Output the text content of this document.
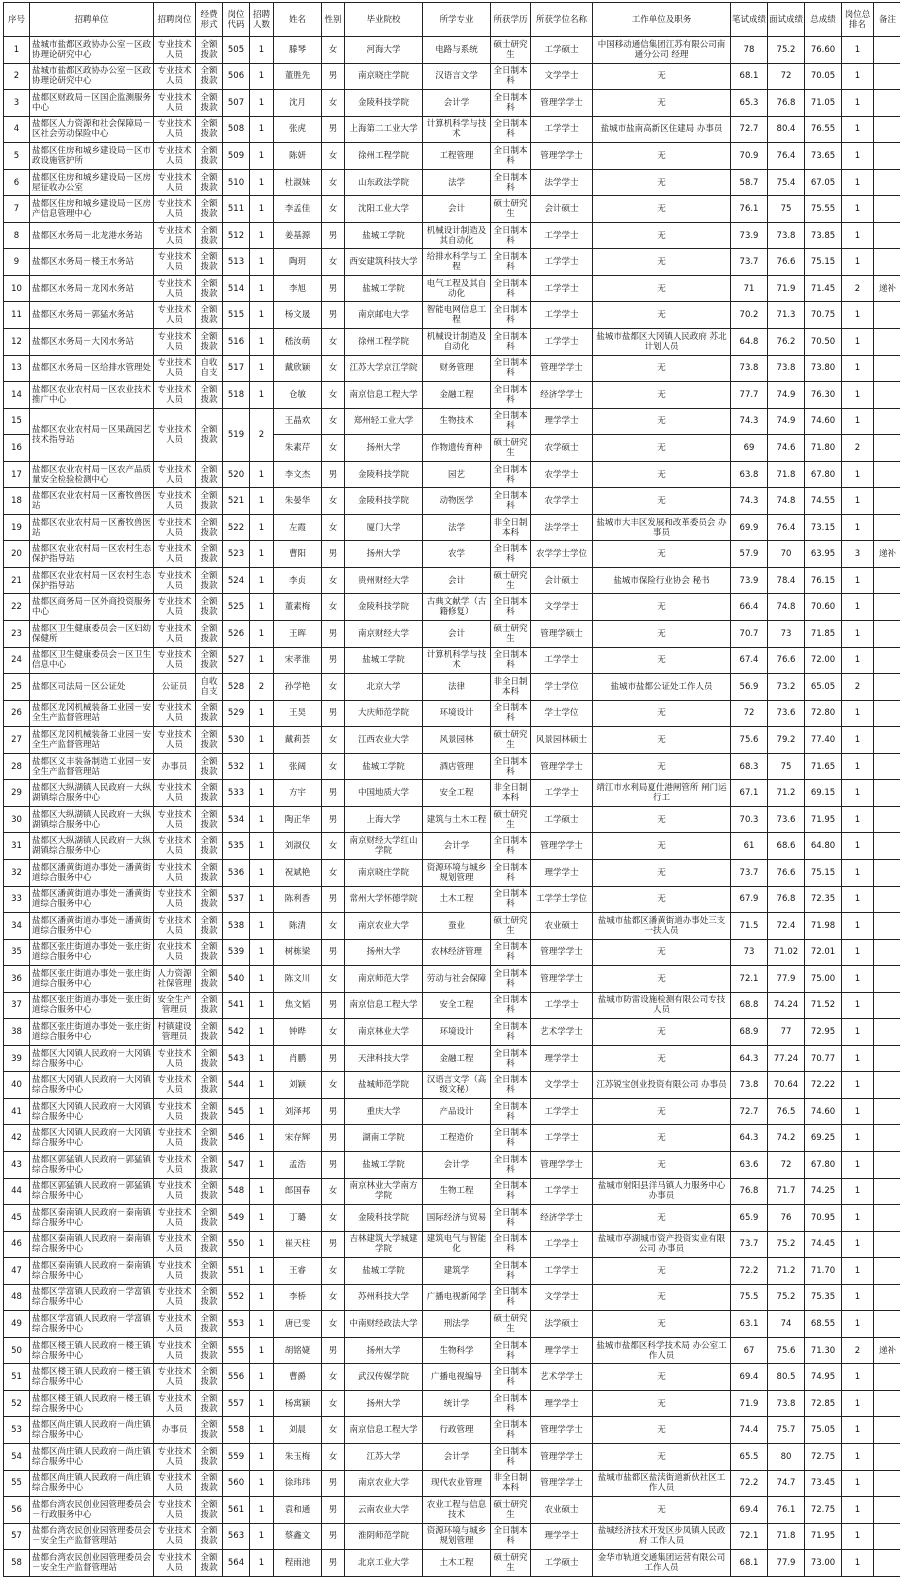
序号	招聘单位	招聘岗位	经费形式	岗位代码	招聘人数	姓名	性别	毕业院校	所学专业	所获学历	所获学位名称	工作单位及职务	笔试成绩	面试成绩	总成绩	岗位总排名	备注
1	盐城市盐都区政协办公室－区政协理论研究中心	专业技术人员	全额拨款	505	1	滕琴	女	河海大学	电路与系统	硕士研究生	工学硕士	中国移动通信集团江苏有限公司南通分公司 经理	78	75.2	76.60	1	
2	盐城市盐都区政协办公室－区政协理论研究中心	专业技术人员	全额拨款	506	1	董胜先	男	南京晓庄学院	汉语言文学	全日制本科	文学学士	无	68.1	72	70.05	1	
3	盐都区财政局－区国企监测服务中心	专业技术人员	全额拨款	507	1	沈月	女	金陵科技学院	会计学	全日制本科	管理学学士	无	65.3	76.8	71.05	1	
4	盐都区人力资源和社会保障局－区社会劳动保险中心	专业技术人员	全额拨款	508	1	张虎	男	上海第二工业大学	计算机科学与技术	全日制本科	工学学士	盐城市盐南高新区住建局 办事员	72.7	80.4	76.55	1	
5	盐都区住房和城乡建设局－区市政设施管护所	专业技术人员	全额拨款	509	1	陈妍	女	徐州工程学院	工程管理	全日制本科	管理学学士	无	70.9	76.4	73.65	1	
6	盐都区住房和城乡建设局－区房屋征收办公室	专业技术人员	全额拨款	510	1	杜淑妹	女	山东政法学院	法学	全日制本科	法学学士	无	58.7	75.4	67.05	1	
7	盐都区住房和城乡建设局－区房产信息管理中心	专业技术人员	全额拨款	511	1	李孟佳	女	沈阳工业大学	会计	硕士研究生	会计硕士	无	76.1	75	75.55	1	
8	盐都区水务局－北龙港水务站	专业技术人员	全额拨款	512	1	姜基源	男	盐城工学院	机械设计制造及其自动化	全日制本科	工学学士	无	73.9	73.8	73.85	1	
9	盐都区水务局－楼王水务站	专业技术人员	全额拨款	513	1	陶玥	女	西安建筑科技大学	给排水科学与工程	全日制本科	工学学士	无	73.7	76.6	75.15	1	
10	盐都区水务局－龙冈水务站	专业技术人员	全额拨款	514	1	李旭	男	盐城工学院	电气工程及其自动化	全日制本科	工学学士	无	71	71.9	71.45	2	递补
11	盐都区水务局－郭猛水务站	专业技术人员	全额拨款	515	1	杨文晟	男	南京邮电大学	智能电网信息工程	全日制本科	工学学士	无	70.2	71.3	70.75	1	
12	盐都区水务局－大冈水务站	专业技术人员	全额拨款	516	1	嵇汝萌	女	徐州工程学院	机械设计制造及自动化	全日制本科	工学学士	盐城市盐都区大冈镇人民政府 苏北计划人员	64.8	76.2	70.50	1	
13	盐都区水务局－区给排水管理处	专业技术人员	自收自支	517	1	戴欣颖	女	江苏大学京江学院	财务管理	全日制本科	管理学学士	无	73.8	73.8	73.80	1	
14	盐都区农业农村局－区农业技术推广中心	专业技术人员	全额拨款	518	1	仓敏	女	南京信息工程大学	金融工程	全日制本科	经济学学士	无	77.7	74.9	76.30	1	
15	盐都区农业农村局－区果蔬园艺技术指导站	专业技术人员	全额拨款	519	2	王晶欢	女	郑州轻工业大学	生物技术	全日制本科	理学学士	无	74.3	74.9	74.60	1	
16						朱素芹	女	扬州大学	作物遗传育种	硕士研究生	农学硕士	无	69	74.6	71.80	2	
17	盐都区农业农村局－区农产品质量安全检验检测中心	专业技术人员	全额拨款	520	1	李文杰	男	金陵科技学院	园艺	全日制本科	农学学士	无	63.8	71.8	67.80	1	
18	盐都区农业农村局－区畜牧兽医站	专业技术人员	全额拨款	521	1	朱晏华	女	金陵科技学院	动物医学	全日制本科	农学学士	无	74.3	74.8	74.55	1	
19	盐都区农业农村局－区畜牧兽医站	专业技术人员	全额拨款	522	1	左霞	女	厦门大学	法学	非全日制本科	法学学士	盐城市大丰区发展和改革委员会 办事员	69.9	76.4	73.15	1	
20	盐都区农业农村局－区农村生态保护指导站	专业技术人员	全额拨款	523	1	曹阳	男	扬州大学	农学	全日制本科	农学学士学位	无	57.9	70	63.95	3	递补
21	盐都区农业农村局－区农村生态保护指导站	专业技术人员	全额拨款	524	1	李贞	女	贵州财经大学	会计	硕士研究生	会计硕士	盐城市保险行业协会 秘书	73.9	78.4	76.15	1	
22	盐都区商务局－区外商投资服务中心	专业技术人员	全额拨款	525	1	董素梅	女	金陵科技学院	古典文献学（古籍修复）	全日制本科	文学学士	无	66.4	74.8	70.60	1	
23	盐都区卫生健康委员会－区妇幼保健所	专业技术人员	全额拨款	526	1	王晖	男	南京财经大学	会计	硕士研究生	管理学硕士	无	70.7	73	71.85	1	
24	盐都区卫生健康委员会－区卫生信息中心	专业技术人员	全额拨款	527	1	宋孝淮	男	盐城工学院	计算机科学与技术	全日制本科	工学学士	无	67.4	76.6	72.00	1	
25	盐都区司法局－区公证处	公证员	自收自支	528	2	孙学艳	女	北京大学	法律	非全日制本科	学士学位	盐城市盐都公证处工作人员	56.9	73.2	65.05	2	
26	盐都区龙冈机械装备工业园－安全生产监督管理站	专业技术人员	全额拨款	529	1	王昊	男	大庆师范学院	环境设计	全日制本科	学士学位	无	72	73.6	72.80	1	
27	盐都区龙冈机械装备工业园－安全生产监督管理站	专业技术人员	全额拨款	530	1	戴莉荟	女	江西农业大学	风景园林	硕士研究生	风景园林硕士	无	75.6	79.2	77.40	1	
28	盐都区义丰装备制造工业园－安全生产监督管理站	办事员	全额拨款	532	1	张阔	女	盐城工学院	酒店管理	全日制本科	管理学学士	无	68.3	75	71.65	1	
29	盐都区大纵湖镇人民政府－大纵湖镇综合服务中心	专业技术人员	全额拨款	533	1	方宇	男	中国地质大学	安全工程	非全日制本科	工学学士	靖江市水利局夏仕港闸管所 闸门运行工	67.1	71.2	69.15	1	
30	盐都区大纵湖镇人民政府－大纵湖镇综合服务中心	专业技术人员	全额拨款	534	1	陶正华	男	上海大学	建筑与土木工程	硕士研究生	工学硕士	无	70.3	73.6	71.95	1	
31	盐都区大纵湖镇人民政府－大纵湖镇综合服务中心	专业技术人员	全额拨款	535	1	刘淑仪	女	南京财经大学红山学院	会计学	全日制本科	管理学学士	无	61	68.6	64.80	1	
32	盐都区潘黄街道办事处－潘黄街道综合服务中心	专业技术人员	全额拨款	536	1	祝斌艳	女	南京晓庄学院	资源环境与城乡规划管理	全日制本科	理学学士	无	73.7	76.6	75.15	1	
33	盐都区潘黄街道办事处－潘黄街道综合服务中心	专业技术人员	全额拨款	537	1	陈利香	男	常州大学怀德学院	土木工程	全日制本科	工学学士学位	无	67.9	76.8	72.35	1	
34	盐都区潘黄街道办事处－潘黄街道综合服务中心	专业技术人员	全额拨款	538	1	陈清	女	南京农业大学	蚕业	硕士研究生	农业硕士	盐城市盐都区潘黄街道办事处三支一扶人员	71.5	72.4	71.98	1	
35	盐都区张庄街道办事处－张庄街道综合服务中心	农业技术人员	全额拨款	539	1	树栋梁	男	扬州大学	农林经济管理	全日制本科	管理学学士	无	73	71.02	72.01	1	
36	盐都区张庄街道办事处－张庄街道综合服务中心	人力资源社保管理	全额拨款	540	1	陈文川	女	南京师范大学	劳动与社会保障	全日制本科	管理学学士	无	72.1	77.9	75.00	1	
37	盐都区张庄街道办事处－张庄街道综合服务中心	安全生产管理员	全额拨款	541	1	焦文韬	男	南京信息工程大学	安全工程	全日制本科	工学学士	盐城市防雷设施检测有限公司专技人员	68.8	74.24	71.52	1	
38	盐都区张庄街道办事处－张庄街道综合服务中心	村镇建设管理员	全额拨款	542	1	钟晔	女	南京林业大学	环境设计	全日制本科	艺术学学士	无	68.9	77	72.95	1	
39	盐都区大冈镇人民政府－大冈镇综合服务中心	专业技术人员	全额拨款	543	1	肖鹏	男	天津科技大学	金融工程	全日制本科	理学学士	无	64.3	77.24	70.77	1	
40	盐都区大冈镇人民政府－大冈镇综合服务中心	专业技术人员	全额拨款	544	1	刘颖	女	盐城师范学院	汉语言文学（高级文秘）	全日制本科	文学学士	江苏锐宝创业投资有限公司 办事员	73.8	70.64	72.22	1	
41	盐都区大冈镇人民政府－大冈镇综合服务中心	专业技术人员	全额拨款	545	1	刘泽邦	男	重庆大学	产品设计	全日制本科	工学学士	无	72.7	76.5	74.60	1	
42	盐都区大冈镇人民政府－大冈镇综合服务中心	专业技术人员	全额拨款	546	1	宋存辉	男	湖南工学院	工程造价	全日制本科	工学学士	无	64.3	74.2	69.25	1	
43	盐都区郭猛镇人民政府－郭猛镇综合服务中心	专业技术人员	全额拨款	547	1	孟浩	男	盐城工学院	会计学	全日制本科	管理学学士	无	63.6	72	67.80	1	
44	盐都区郭猛镇人民政府－郭猛镇综合服务中心	专业技术人员	全额拨款	548	1	郎国春	女	南京林业大学南方学院	生物工程	全日制本科	工学学士	盐城市射阳县洋马镇人力服务中心 办事员	76.8	71.7	74.25	1	
45	盐都区秦南镇人民政府－秦南镇综合服务中心	专业技术人员	全额拨款	549	1	丁璐	女	金陵科技学院	国际经济与贸易	全日制本科	经济学学士	无	65.9	76	70.95	1	
46	盐都区秦南镇人民政府－秦南镇综合服务中心	专业技术人员	全额拨款	550	1	崔天柱	男	吉林建筑大学城建学院	建筑电气与智能化	全日制本科	工学学士	盐城市亭湖城市资产投资实业有限公司 办事员	73.7	75.2	74.45	1	
47	盐都区秦南镇人民政府－秦南镇综合服务中心	专业技术人员	全额拨款	551	1	王睿	女	盐城工学院	建筑学	全日制本科	工学学士	无	72.2	71.2	71.70	1	
48	盐都区学富镇人民政府－学富镇综合服务中心	专业技术人员	全额拨款	552	1	李桥	女	苏州科技大学	广播电视新闻学	全日制本科	文学学士	无	75.5	75.2	75.35	1	
49	盐都区学富镇人民政府－学富镇综合服务中心	专业技术人员	全额拨款	553	1	唐已雯	女	中南财经政法大学	刑法学	硕士研究生	法学硕士	无	63.1	74	68.55	1	
50	盐都区楼王镇人民政府－楼王镇综合服务中心	专业技术人员	全额拨款	555	1	胡铭婕	男	扬州大学	生物科学	全日制本科	理学学士	盐城市盐都区科学技术局 办公室工作人员	67	75.6	71.30	2	递补
51	盐都区楼王镇人民政府－楼王镇综合服务中心	专业技术人员	全额拨款	556	1	曹爵	女	武汉传媒学院	广播电视编导	全日制本科	艺术学学士	无	69.4	80.5	74.95	1	
52	盐都区楼王镇人民政府－楼王镇综合服务中心	专业技术人员	全额拨款	557	1	杨寓颖	女	扬州大学	统计学	全日制本科	理学学士	无	71.9	73.8	72.85	1	
53	盐都区尚庄镇人民政府－尚庄镇综合服务中心	办事员	全额拨款	558	1	刘晨	女	南京信息工程大学	行政管理	全日制本科	管理学学士	无	74.4	75.7	75.05	1	
54	盐都区尚庄镇人民政府－尚庄镇综合服务中心	专业技术人员	全额拨款	559	1	朱玉梅	女	江苏大学	会计学	全日制本科	管理学学士	无	65.5	80	72.75	1	
55	盐都区尚庄镇人民政府－尚庄镇综合服务中心	专业技术人员	全额拨款	560	1	徐玮玮	男	南京农业大学	现代农业管理	非全日制本科	管理学学士	盐城市盐都区盐渎街道新伙社区工作人员	72.2	74.7	73.45	1	
56	盐都台湾农民创业园管理委员会－行政服务中心	专业技术人员	全额拨款	561	1	袁和通	男	云南农业大学	农业工程与信息技术	硕士研究生	农业硕士	无	69.4	76.1	72.75	1	
57	盐都台湾农民创业园管理委员会－安全生产监督管理站	专业技术人员	全额拨款	563	1	蔡鑫文	男	淮阴师范学院	资源环境与城乡规划管理	全日制本科	理学学士	盐城经济技术开发区步凤镇人民政府 工作人员	72.1	71.8	71.95	1	
58	盐都台湾农民创业园管理委员会－安全生产监督管理站	专业技术人员	全额拨款	564	1	程雨池	男	北京工业大学	土木工程	硕士研究生	工学硕士	金华市轨道交通集团运营有限公司 工作人员	68.1	77.9	73.00	1	
